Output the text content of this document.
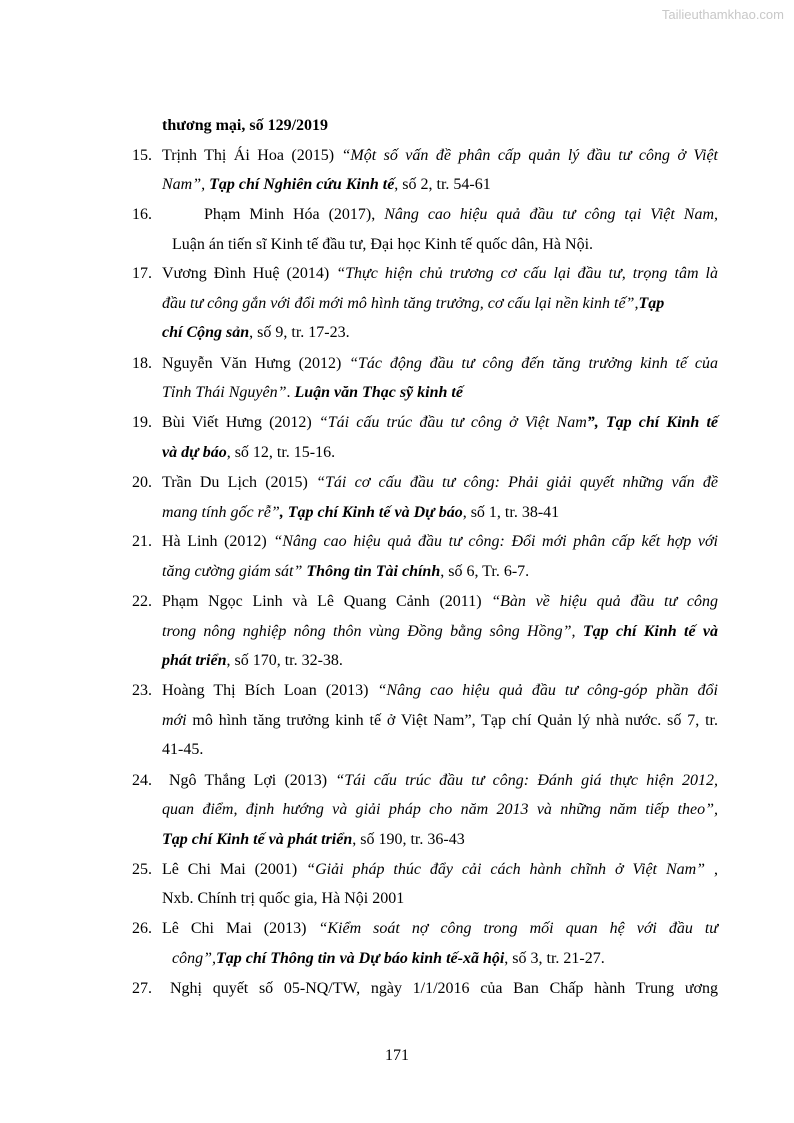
Tailieuthamkhao.com
thương mại, số 129/2019
15. Trịnh Thị Ái Hoa (2015) “Một số vấn đề phân cấp quản lý đầu tư công ở Việt
Nam”, Tạp chí Nghiên cứu Kinh tế, số 2, tr. 54-61
16.	Phạm Minh Hóa (2017), Nâng cao hiệu quả đầu tư công tại Việt Nam,
Luận án tiến sĩ Kinh tế đầu tư, Đại học Kinh tế quốc dân, Hà Nội.
17. Vương Đình Huệ (2014) “Thực hiện chủ trương cơ cấu lại đầu tư, trọng tâm là
đầu tư công gắn với đổi mới mô hình tăng trưởng, cơ cấu lại nền kinh tế”,Tạp
chí Cộng sản, số 9, tr. 17-23.
18. Nguyễn Văn Hưng (2012) “Tác động đầu tư công đến tăng trưởng kinh tế của
Tỉnh Thái Nguyên”. Luận văn Thạc sỹ kinh tế
19. Bùi Viết Hưng (2012) “Tái cấu trúc đầu tư công ở Việt Nam”, Tạp chí Kinh tế
và dự báo, số 12, tr. 15-16.
20. Trần Du Lịch (2015) “Tái cơ cấu đầu tư công: Phải giải quyết những vấn đề
mang tính gốc rễ”, Tạp chí Kinh tế và Dự báo, số 1, tr. 38-41
21. Hà Linh (2012) “Nâng cao hiệu quả đầu tư công: Đổi mới phân cấp kết hợp với
tăng cường giám sát” Thông tin Tài chính, số 6, Tr. 6-7.
22. Phạm Ngọc Linh và Lê Quang Cảnh (2011) “Bàn về hiệu quả đầu tư công
trong nông nghiệp nông thôn vùng Đồng bằng sông Hồng”, Tạp chí Kinh tế và
phát triển, số 170, tr. 32-38.
23. Hoàng Thị Bích Loan (2013) “Nâng cao hiệu quả đầu tư công-góp phần đổi
mới mô hình tăng trưởng kinh tế ở Việt Nam”, Tạp chí Quản lý nhà nước. số 7, tr.
41-45.
24. Ngô Thắng Lợi (2013) “Tái cấu trúc đầu tư công: Đánh giá thực hiện 2012,
quan điểm, định hướng và giải pháp cho năm 2013 và những năm tiếp theo”,
Tạp chí Kinh tế và phát triển, số 190, tr. 36-43
25. Lê Chi Mai (2001) “Giải pháp thúc đẩy cải cách hành chĩnh ở Việt Nam” ,
Nxb. Chính trị quốc gia, Hà Nội 2001
26. Lê Chi Mai (2013) “Kiểm soát nợ công trong mối quan hệ với đầu tư
công”,Tạp chí Thông tin và Dự báo kinh tế-xã hội, số 3, tr. 21-27.
27. Nghị quyết số 05-NQ/TW, ngày 1/1/2016 của Ban Chấp hành Trung ương
171
